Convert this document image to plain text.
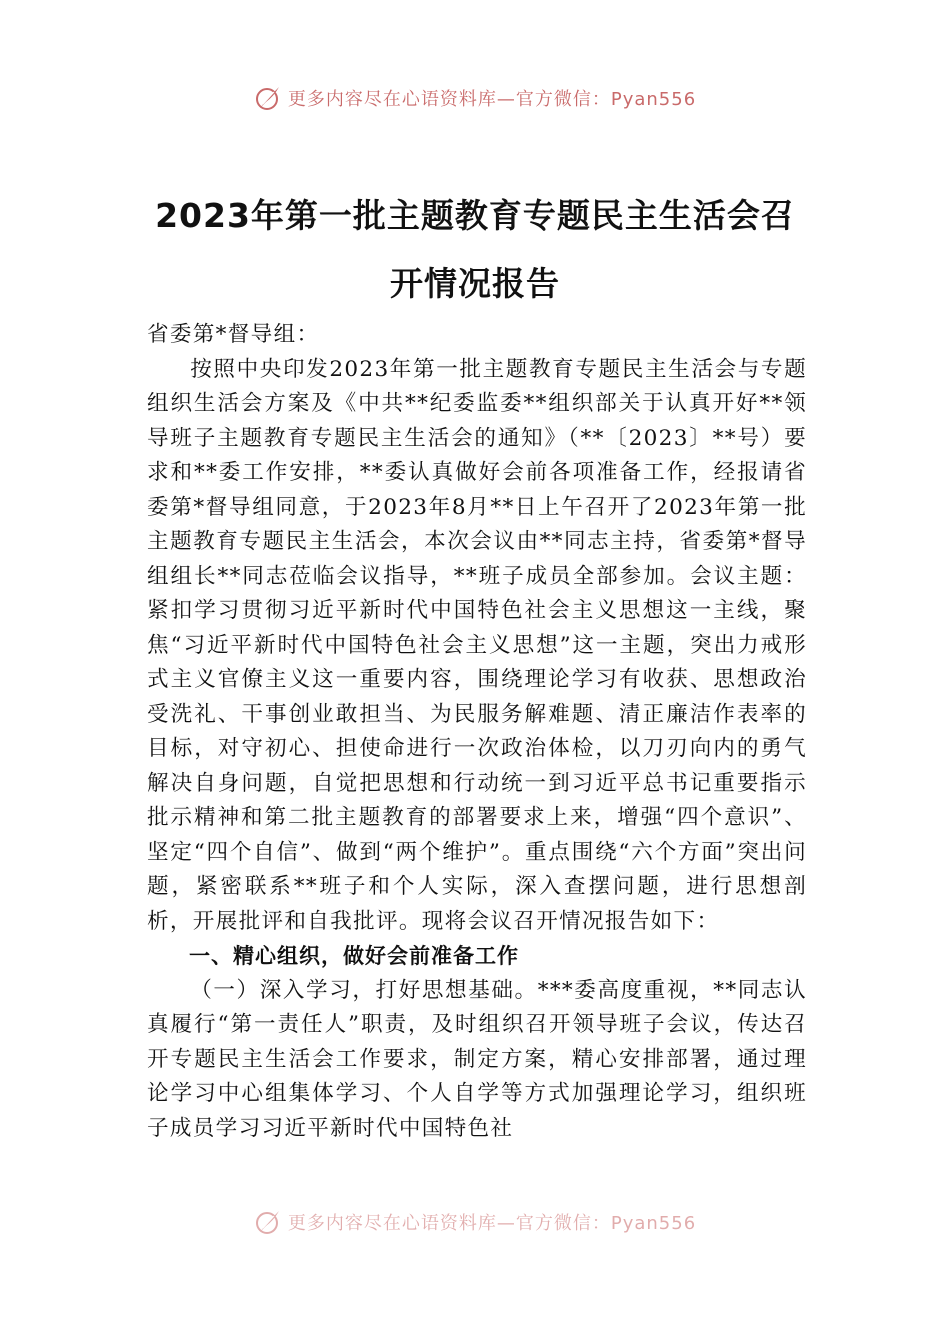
更多内容尽在心语资料库—官方微信：Pyan556
2023年第一批主题教育专题民主生活会召
开情况报告

省委第*督导组：

按照中央印发2023年第一批主题教育专题民主生活会与专题组织生活会方案及《中共**纪委监委**组织部关于认真开好**领导班子主题教育专题民主生活会的通知》（**〔2023〕**号）要求和**委工作安排，**委认真做好会前各项准备工作，经报请省委第*督导组同意，于2023年8月**日上午召开了2023年第一批主题教育专题民主生活会，本次会议由**同志主持，省委第*督导组组长**同志莅临会议指导，**班子成员全部参加。会议主题：紧扣学习贯彻习近平新时代中国特色社会主义思想这一主线，聚焦“习近平新时代中国特色社会主义思想”这一主题，突出力戒形式主义官僚主义这一重要内容，围绕理论学习有收获、思想政治受洗礼、干事创业敢担当、为民服务解难题、清正廉洁作表率的目标，对守初心、担使命进行一次政治体检，以刀刃向内的勇气解决自身问题，自觉把思想和行动统一到习近平总书记重要指示批示精神和第二批主题教育的部署要求上来，增强“四个意识”、坚定“四个自信”、做到“两个维护”。重点围绕“六个方面”突出问题，紧密联系**班子和个人实际，深入查摆问题，进行思想剖析，开展批评和自我批评。现将会议召开情况报告如下：

一、精心组织，做好会前准备工作

（一）深入学习，打好思想基础。***委高度重视，**同志认真履行“第一责任人”职责，及时组织召开领导班子会议，传达召开专题民主生活会工作要求，制定方案，精心安排部署，通过理论学习中心组集体学习、个人自学等方式加强理论学习，组织班子成员学习习近平新时代中国特色社

更多内容尽在心语资料库—官方微信：Pyan556
